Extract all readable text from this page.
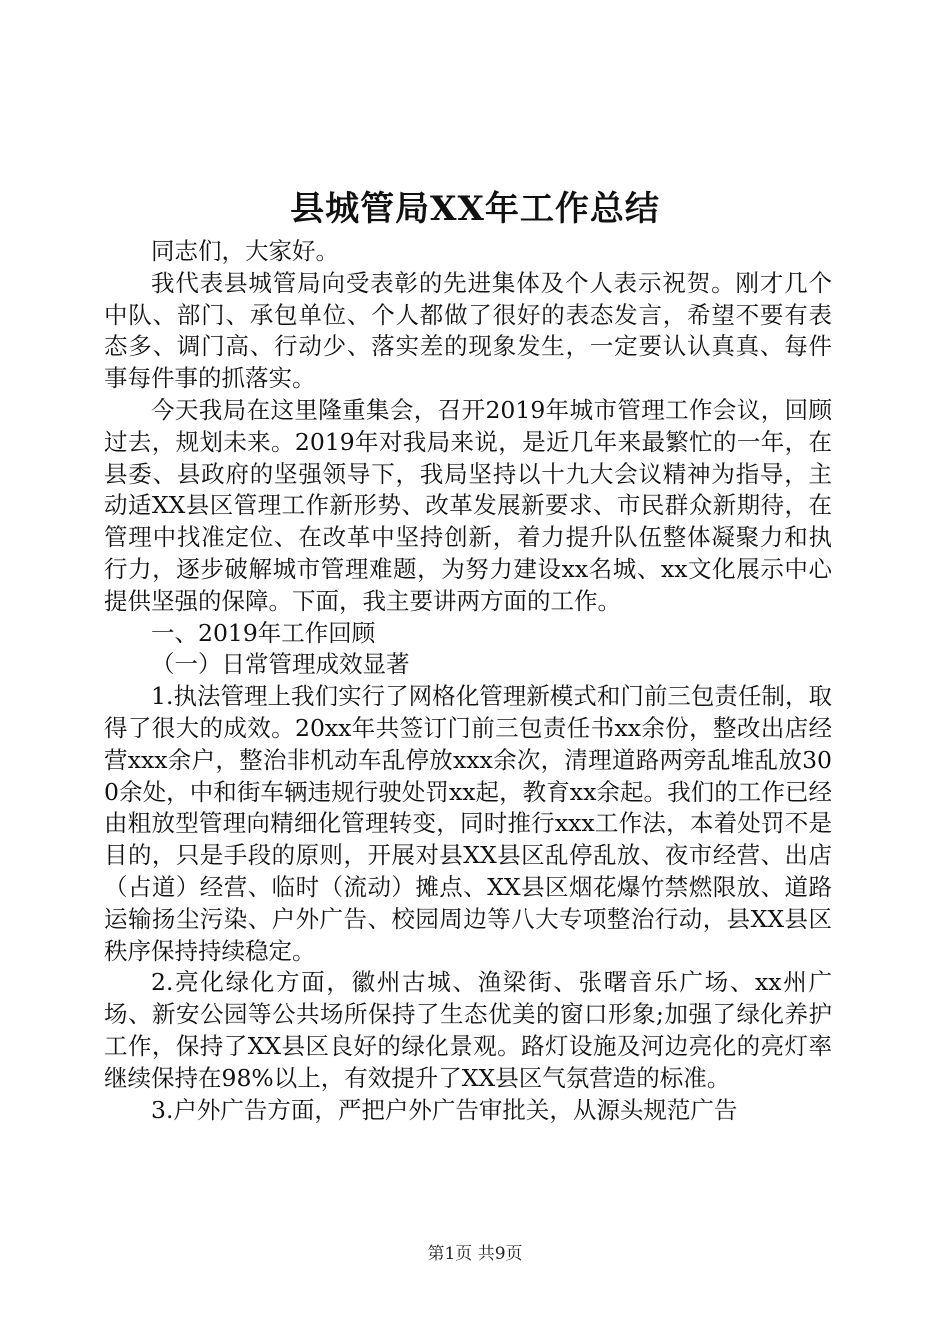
县城管局XX年工作总结

同志们，大家好。

我代表县城管局向受表彰的先进集体及个人表示祝贺。刚才几个中队、部门、承包单位、个人都做了很好的表态发言，希望不要有表态多、调门高、行动少、落实差的现象发生，一定要认认真真、每件事每件事的抓落实。

今天我局在这里隆重集会，召开2019年城市管理工作会议，回顾过去，规划未来。2019年对我局来说，是近几年来最繁忙的一年，在县委、县政府的坚强领导下，我局坚持以十九大会议精神为指导，主动适XX县区管理工作新形势、改革发展新要求、市民群众新期待，在管理中找准定位、在改革中坚持创新，着力提升队伍整体凝聚力和执行力，逐步破解城市管理难题，为努力建设xx名城、xx文化展示中心提供坚强的保障。下面，我主要讲两方面的工作。

一、2019年工作回顾

（一）日常管理成效显著

1.执法管理上我们实行了网格化管理新模式和门前三包责任制，取得了很大的成效。20xx年共签订门前三包责任书xx余份，整改出店经营xxx余户，整治非机动车乱停放xxx余次，清理道路两旁乱堆乱放300余处，中和街车辆违规行驶处罚xx起，教育xx余起。我们的工作已经由粗放型管理向精细化管理转变，同时推行xxx工作法，本着处罚不是目的，只是手段的原则，开展对县XX县区乱停乱放、夜市经营、出店（占道）经营、临时（流动）摊点、XX县区烟花爆竹禁燃限放、道路运输扬尘污染、户外广告、校园周边等八大专项整治行动，县XX县区秩序保持持续稳定。

2.亮化绿化方面，徽州古城、渔梁街、张曙音乐广场、xx州广场、新安公园等公共场所保持了生态优美的窗口形象;加强了绿化养护工作，保持了XX县区良好的绿化景观。路灯设施及河边亮化的亮灯率继续保持在98%以上，有效提升了XX县区气氛营造的标准。

3.户外广告方面，严把户外广告审批关，从源头规范广告

第1页 共9页
